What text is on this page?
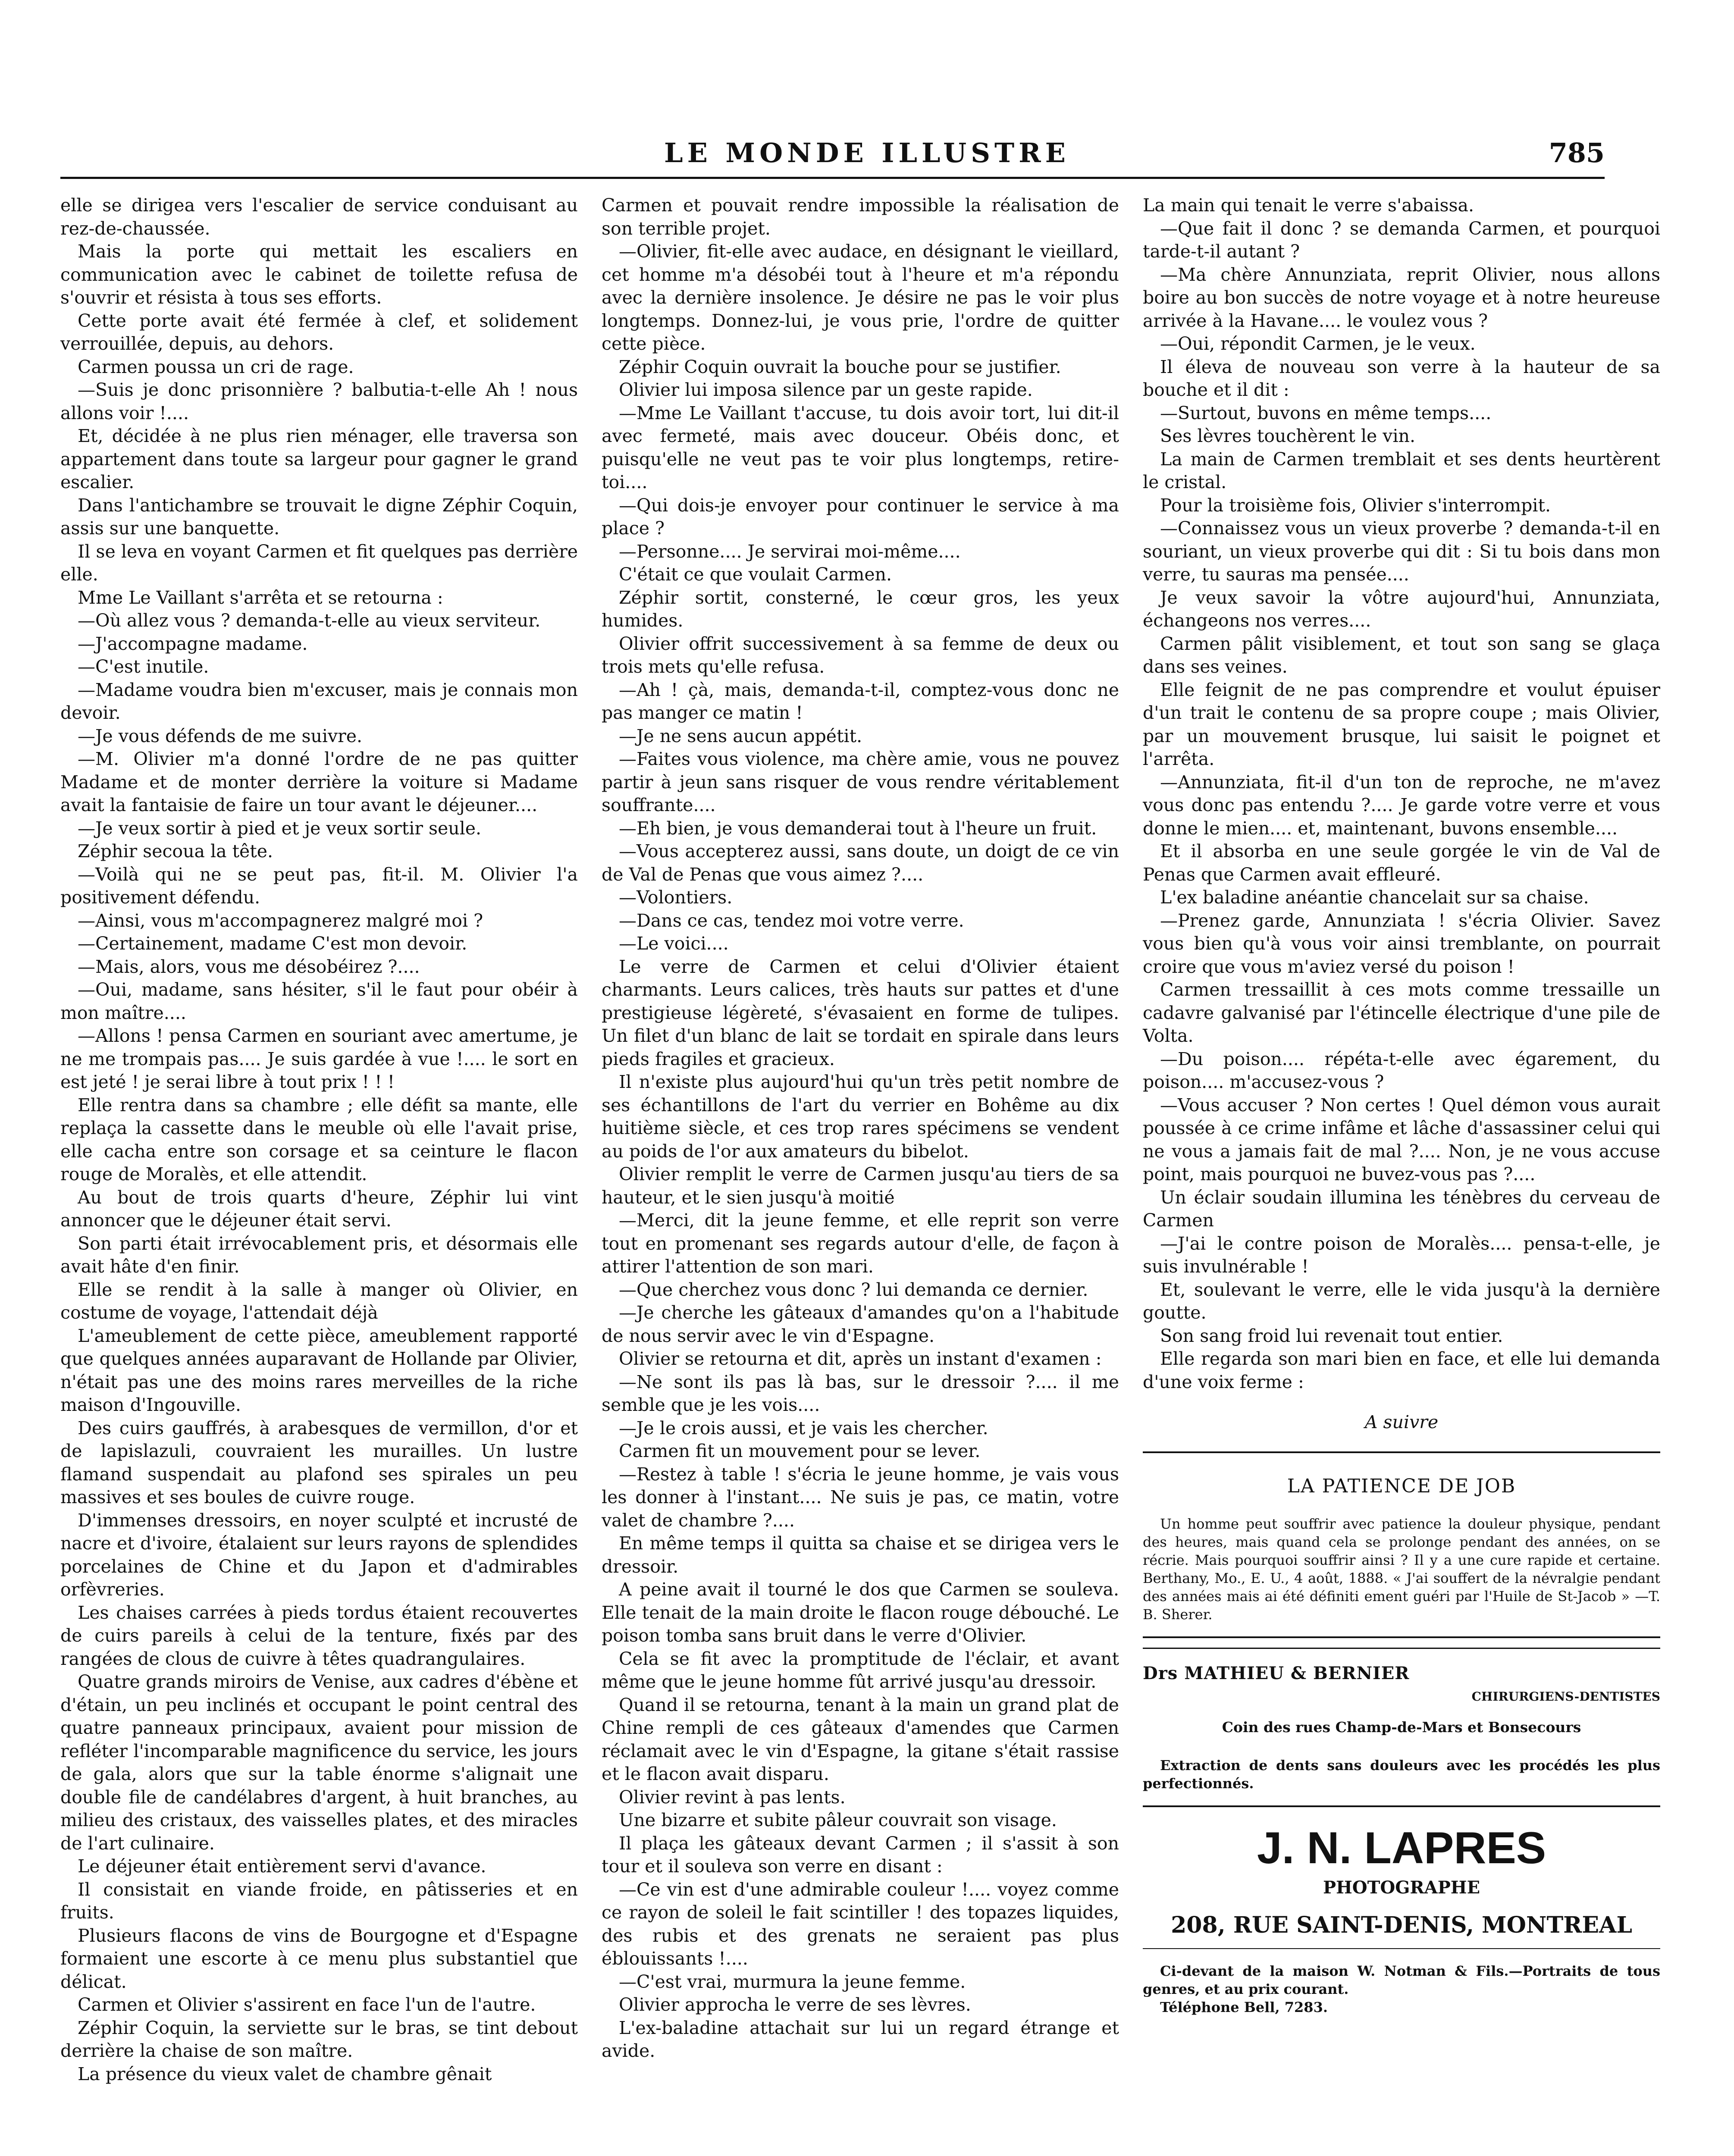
LE MONDE ILLUSTRE	785

elle se dirigea vers l'escalier de service conduisant au rez-de-chaussée.

Mais la porte qui mettait les escaliers en communication avec le cabinet de toilette refusa de s'ouvrir et résista à tous ses efforts.

Cette porte avait été fermée à clef, et solidement verrouillée, depuis, au dehors.

Carmen poussa un cri de rage.

—Suis je donc prisonnière ? balbutia-t-elle Ah ! nous allons voir !....

Et, décidée à ne plus rien ménager, elle traversa son appartement dans toute sa largeur pour gagner le grand escalier.

Dans l'antichambre se trouvait le digne Zéphir Coquin, assis sur une banquette.

Il se leva en voyant Carmen et fit quelques pas derrière elle.

Mme Le Vaillant s'arrêta et se retourna :

—Où allez vous ? demanda-t-elle au vieux serviteur.

—J'accompagne madame.

—C'est inutile.

—Madame voudra bien m'excuser, mais je connais mon devoir.

—Je vous défends de me suivre.

—M. Olivier m'a donné l'ordre de ne pas quitter Madame et de monter derrière la voiture si Madame avait la fantaisie de faire un tour avant le déjeuner....

—Je veux sortir à pied et je veux sortir seule.

Zéphir secoua la tête.

—Voilà qui ne se peut pas, fit-il. M. Olivier l'a positivement défendu.

—Ainsi, vous m'accompagnerez malgré moi ?

—Certainement, madame C'est mon devoir.

—Mais, alors, vous me désobéirez ?....

—Oui, madame, sans hésiter, s'il le faut pour obéir à mon maître....

—Allons ! pensa Carmen en souriant avec amertume, je ne me trompais pas.... Je suis gardée à vue !.... le sort en est jeté ! je serai libre à tout prix ! ! !

Elle rentra dans sa chambre ; elle défit sa mante, elle replaça la cassette dans le meuble où elle l'avait prise, elle cacha entre son corsage et sa ceinture le flacon rouge de Moralès, et elle attendit.

Au bout de trois quarts d'heure, Zéphir lui vint annoncer que le déjeuner était servi.

Son parti était irrévocablement pris, et désormais elle avait hâte d'en finir.

Elle se rendit à la salle à manger où Olivier, en costume de voyage, l'attendait déjà

L'ameublement de cette pièce, ameublement rapporté que quelques années auparavant de Hollande par Olivier, n'était pas une des moins rares merveilles de la riche maison d'Ingouville.

Des cuirs gauffrés, à arabesques de vermillon, d'or et de lapislazuli, couvraient les murailles. Un lustre flamand suspendait au plafond ses spirales un peu massives et ses boules de cuivre rouge.

D'immenses dressoirs, en noyer sculpté et incrusté de nacre et d'ivoire, étalaient sur leurs rayons de splendides porcelaines de Chine et du Japon et d'admirables orfèvreries.

Les chaises carrées à pieds tordus étaient recouvertes de cuirs pareils à celui de la tenture, fixés par des rangées de clous de cuivre à têtes quadrangulaires.

Quatre grands miroirs de Venise, aux cadres d'ébène et d'étain, un peu inclinés et occupant le point central des quatre panneaux principaux, avaient pour mission de refléter l'incomparable magnificence du service, les jours de gala, alors que sur la table énorme s'alignait une double file de candélabres d'argent, à huit branches, au milieu des cristaux, des vaisselles plates, et des miracles de l'art culinaire.

Le déjeuner était entièrement servi d'avance.

Il consistait en viande froide, en pâtisseries et en fruits.

Plusieurs flacons de vins de Bourgogne et d'Espagne formaient une escorte à ce menu plus substantiel que délicat.

Carmen et Olivier s'assirent en face l'un de l'autre.

Zéphir Coquin, la serviette sur le bras, se tint debout derrière la chaise de son maître.

La présence du vieux valet de chambre gênait

Carmen et pouvait rendre impossible la réalisation de son terrible projet.

—Olivier, fit-elle avec audace, en désignant le vieillard, cet homme m'a désobéi tout à l'heure et m'a répondu avec la dernière insolence. Je désire ne pas le voir plus longtemps. Donnez-lui, je vous prie, l'ordre de quitter cette pièce.

Zéphir Coquin ouvrait la bouche pour se justifier.

Olivier lui imposa silence par un geste rapide.

—Mme Le Vaillant t'accuse, tu dois avoir tort, lui dit-il avec fermeté, mais avec douceur. Obéis donc, et puisqu'elle ne veut pas te voir plus longtemps, retire-toi....

—Qui dois-je envoyer pour continuer le service à ma place ?

—Personne.... Je servirai moi-même....

C'était ce que voulait Carmen.

Zéphir sortit, consterné, le cœur gros, les yeux humides.

Olivier offrit successivement à sa femme de deux ou trois mets qu'elle refusa.

—Ah ! çà, mais, demanda-t-il, comptez-vous donc ne pas manger ce matin !

—Je ne sens aucun appétit.

—Faites vous violence, ma chère amie, vous ne pouvez partir à jeun sans risquer de vous rendre véritablement souffrante....

—Eh bien, je vous demanderai tout à l'heure un fruit.

—Vous accepterez aussi, sans doute, un doigt de ce vin de Val de Penas que vous aimez ?....

—Volontiers.

—Dans ce cas, tendez moi votre verre.

—Le voici....

Le verre de Carmen et celui d'Olivier étaient charmants. Leurs calices, très hauts sur pattes et d'une prestigieuse légèreté, s'évasaient en forme de tulipes. Un filet d'un blanc de lait se tordait en spirale dans leurs pieds fragiles et gracieux.

Il n'existe plus aujourd'hui qu'un très petit nombre de ses échantillons de l'art du verrier en Bohême au dix huitième siècle, et ces trop rares spécimens se vendent au poids de l'or aux amateurs du bibelot.

Olivier remplit le verre de Carmen jusqu'au tiers de sa hauteur, et le sien jusqu'à moitié

—Merci, dit la jeune femme, et elle reprit son verre tout en promenant ses regards autour d'elle, de façon à attirer l'attention de son mari.

—Que cherchez vous donc ? lui demanda ce dernier.

—Je cherche les gâteaux d'amandes qu'on a l'habitude de nous servir avec le vin d'Espagne.

Olivier se retourna et dit, après un instant d'examen :

—Ne sont ils pas là bas, sur le dressoir ?.... il me semble que je les vois....

—Je le crois aussi, et je vais les chercher.

Carmen fit un mouvement pour se lever.

—Restez à table ! s'écria le jeune homme, je vais vous les donner à l'instant.... Ne suis je pas, ce matin, votre valet de chambre ?....

En même temps il quitta sa chaise et se dirigea vers le dressoir.

A peine avait il tourné le dos que Carmen se souleva. Elle tenait de la main droite le flacon rouge débouché. Le poison tomba sans bruit dans le verre d'Olivier.

Cela se fit avec la promptitude de l'éclair, et avant même que le jeune homme fût arrivé jusqu'au dressoir.

Quand il se retourna, tenant à la main un grand plat de Chine rempli de ces gâteaux d'amendes que Carmen réclamait avec le vin d'Espagne, la gitane s'était rassise et le flacon avait disparu.

Olivier revint à pas lents.

Une bizarre et subite pâleur couvrait son visage.

Il plaça les gâteaux devant Carmen ; il s'assit à son tour et il souleva son verre en disant :

—Ce vin est d'une admirable couleur !.... voyez comme ce rayon de soleil le fait scintiller ! des topazes liquides, des rubis et des grenats ne seraient pas plus éblouissants !....

—C'est vrai, murmura la jeune femme.

Olivier approcha le verre de ses lèvres.

L'ex-baladine attachait sur lui un regard étrange et avide.

La main qui tenait le verre s'abaissa.

—Que fait il donc ? se demanda Carmen, et pourquoi tarde-t-il autant ?

—Ma chère Annunziata, reprit Olivier, nous allons boire au bon succès de notre voyage et à notre heureuse arrivée à la Havane.... le voulez vous ?

—Oui, répondit Carmen, je le veux.

Il éleva de nouveau son verre à la hauteur de sa bouche et il dit :

—Surtout, buvons en même temps....

Ses lèvres touchèrent le vin.

La main de Carmen tremblait et ses dents heurtèrent le cristal.

Pour la troisième fois, Olivier s'interrompit.

—Connaissez vous un vieux proverbe ? demanda-t-il en souriant, un vieux proverbe qui dit : Si tu bois dans mon verre, tu sauras ma pensée....

Je veux savoir la vôtre aujourd'hui, Annunziata, échangeons nos verres....

Carmen pâlit visiblement, et tout son sang se glaça dans ses veines.

Elle feignit de ne pas comprendre et voulut épuiser d'un trait le contenu de sa propre coupe ; mais Olivier, par un mouvement brusque, lui saisit le poignet et l'arrêta.

—Annunziata, fit-il d'un ton de reproche, ne m'avez vous donc pas entendu ?.... Je garde votre verre et vous donne le mien.... et, maintenant, buvons ensemble....

Et il absorba en une seule gorgée le vin de Val de Penas que Carmen avait effleuré.

L'ex baladine anéantie chancelait sur sa chaise.

—Prenez garde, Annunziata ! s'écria Olivier. Savez vous bien qu'à vous voir ainsi tremblante, on pourrait croire que vous m'aviez versé du poison !

Carmen tressaillit à ces mots comme tressaille un cadavre galvanisé par l'étincelle électrique d'une pile de Volta.

—Du poison.... répéta-t-elle avec égarement, du poison.... m'accusez-vous ?

—Vous accuser ? Non certes ! Quel démon vous aurait poussée à ce crime infâme et lâche d'assassiner celui qui ne vous a jamais fait de mal ?.... Non, je ne vous accuse point, mais pourquoi ne buvez-vous pas ?....

Un éclair soudain illumina les ténèbres du cerveau de Carmen

—J'ai le contre poison de Moralès.... pensa-t-elle, je suis invulnérable !

Et, soulevant le verre, elle le vida jusqu'à la dernière goutte.

Son sang froid lui revenait tout entier.

Elle regarda son mari bien en face, et elle lui demanda d'une voix ferme :

A suivre

LA PATIENCE DE JOB

Un homme peut souffrir avec patience la douleur physique, pendant des heures, mais quand cela se prolonge pendant des années, on se récrie. Mais pourquoi souffrir ainsi ? Il y a une cure rapide et certaine. Berthany, Mo., E. U., 4 août, 1888. « J'ai souffert de la névralgie pendant des années mais ai été définiti ement guéri par l'Huile de St-Jacob » —T. B. Sherer.

Drs MATHIEU & BERNIER
CHIRURGIENS-DENTISTES
Coin des rues Champ-de-Mars et Bonsecours

Extraction de dents sans douleurs avec les procédés les plus perfectionnés.

J. N. LAPRES
PHOTOGRAPHE
208, RUE SAINT-DENIS, MONTREAL

Ci-devant de la maison W. Notman & Fils.—Portraits de tous genres, et au prix courant.

Téléphone Bell, 7283.
